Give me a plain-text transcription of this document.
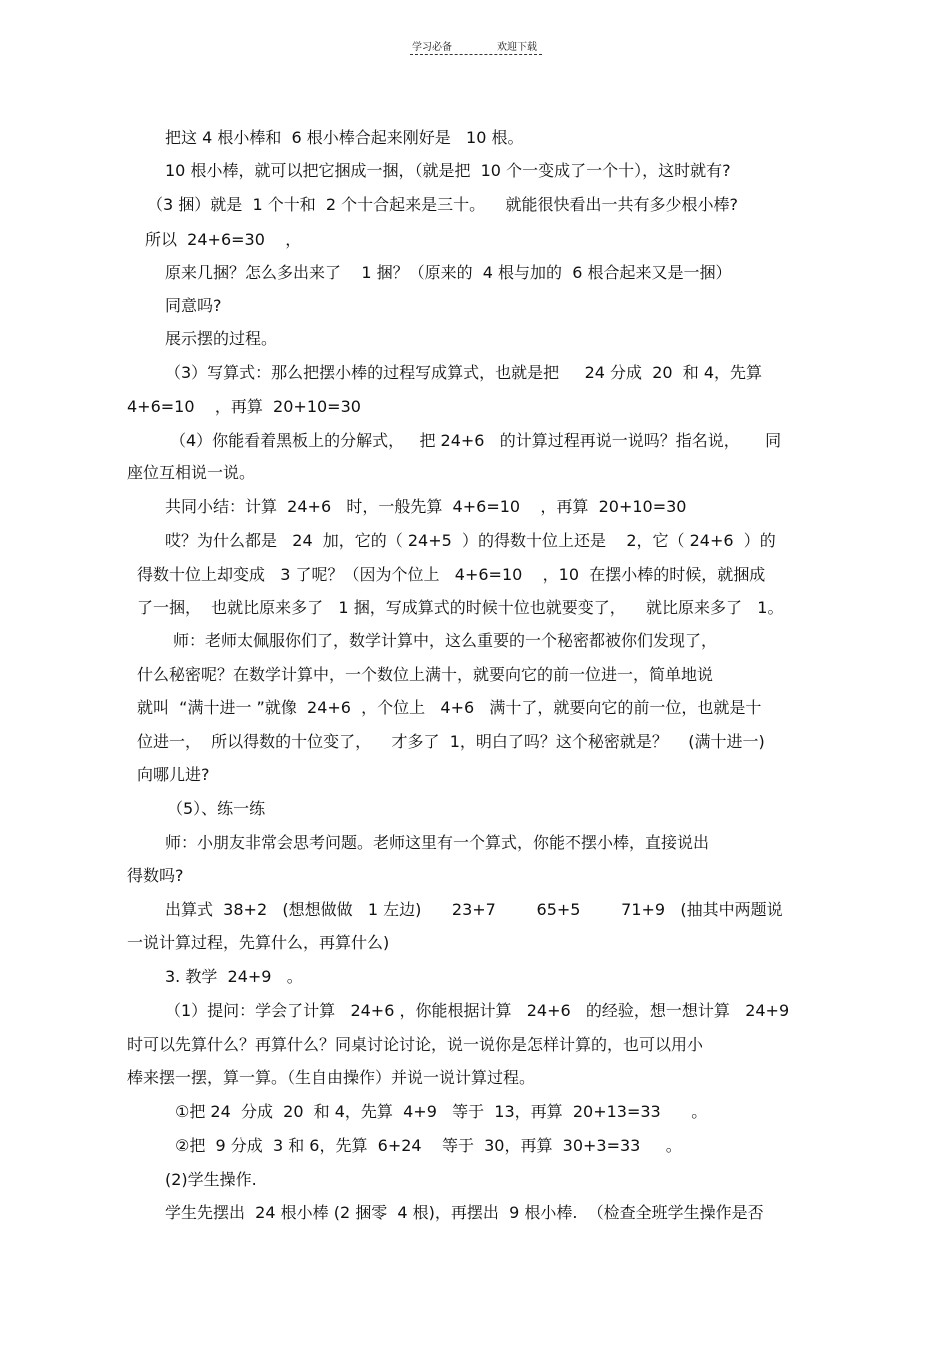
学习必备	欢迎下载
把这 4 根小棒和  6 根小棒合起来刚好是   10 根。
10 根小棒，就可以把它捆成一捆，（就是把  10 个一变成了一个十），这时就有?
（3 捆）就是  1 个十和  2 个十合起来是三十。    就能很快看出一共有多少根小棒?
所以  24+6=30    ，
原来几捆？怎么多出来了    1 捆？（原来的  4 根与加的  6 根合起来又是一捆）
同意吗?
展示摆的过程。
（3）写算式：那么把摆小棒的过程写成算式，也就是把     24 分成  20  和 4，先算
4+6=10    ，再算  20+10=30
（4）你能看着黑板上的分解式，   把 24+6   的计算过程再说一说吗？指名说，     同
座位互相说一说。
共同小结：计算  24+6   时，一般先算  4+6=10    ，再算  20+10=30
哎？为什么都是   24  加，它的（ 24+5  ）的得数十位上还是    2，它（ 24+6  ）的
得数十位上却变成   3 了呢？（因为个位上   4+6=10    ，10  在摆小棒的时候，就捆成
了一捆，  也就比原来多了   1 捆，写成算式的时候十位也就要变了，    就比原来多了   1。
师：老师太佩服你们了，数学计算中，这么重要的一个秘密都被你们发现了，
什么秘密呢？在数学计算中，一个数位上满十，就要向它的前一位进一，简单地说
就叫  “满十进一 ”就像  24+6  ，个位上   4+6   满十了，就要向它的前一位，也就是十
位进一，  所以得数的十位变了，    才多了  1，明白了吗？这个秘密就是？    (满十进一)
向哪儿进?
（5）、练一练
师：小朋友非常会思考问题。老师这里有一个算式，你能不摆小棒，直接说出
得数吗?
出算式  38+2   (想想做做   1 左边)      23+7        65+5        71+9   (抽其中两题说
一说计算过程，先算什么，再算什么)
3. 教学  24+9   。
（1）提问：学会了计算   24+6 ，你能根据计算   24+6   的经验，想一想计算   24+9
时可以先算什么？再算什么？同桌讨论讨论，说一说你是怎样计算的，也可以用小
棒来摆一摆，算一算。（生自由操作）并说一说计算过程。
①把 24  分成  20  和 4，先算  4+9   等于  13，再算  20+13=33      。
②把  9 分成  3 和 6，先算  6+24    等于  30，再算  30+3=33     。
(2)学生操作.
学生先摆出  24 根小棒 (2 捆零  4 根)，再摆出  9 根小棒.  （检查全班学生操作是否
